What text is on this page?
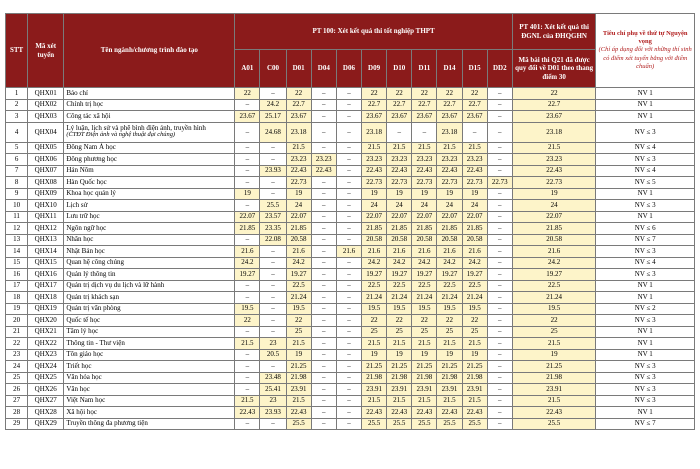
STT	Mã xét tuyển	Tên ngành/chương trình đào tạo	PT 100: Xét kết quả thi tốt nghiệp THPT											PT 401: Xét kết quả thi ĐGNL của ĐHQGHN	Tiêu chí phụ về thứ tự Nguyện vọng
(Chỉ áp dụng đối với những thí sinh có điểm xét tuyển bằng với điểm chuẩn)

			A01	C00	D01	D04	D06	D09	D10	D11	D14	D15	DD2	Mã bài thi Q21 đã được quy đổi về D01 theo thang điểm 30	
1	QHX01	Báo chí	22	–	22	–	–	22	22	22	22	22	–	22	NV 1
2	QHX02	Chính trị học	–	24.2	22.7	–	–	22.7	22.7	22.7	22.7	22.7	–	22.7	NV 1
3	QHX03	Công tác xã hội	23.67	25.17	23.67	–	–	23.67	23.67	23.67	23.67	23.67	–	23.67	NV 1
4	QHX04	Lý luận, lịch sử và phê bình điện ảnh, truyền hình
(CTĐT Điện ảnh và nghệ thuật đại chúng)	–	24.68	23.18	–	–	23.18	–	–	23.18	–	–	23.18	NV ≤ 3
5	QHX05	Đông Nam Á học	–	–	21.5	–	–	21.5	21.5	21.5	21.5	21.5	–	21.5	NV ≤ 4
6	QHX06	Đông phương học	–	–	23.23	23.23	–	23.23	23.23	23.23	23.23	23.23	–	23.23	NV ≤ 3
7	QHX07	Hán Nôm	–	23.93	22.43	22.43	–	22.43	22.43	22.43	22.43	22.43	–	22.43	NV ≤ 4
8	QHX08	Hàn Quốc học	–	–	22.73	–	–	22.73	22.73	22.73	22.73	22.73	22.73	22.73	NV ≤ 5
9	QHX09	Khoa học quản lý	19	–	19	–	–	19	19	19	19	19	–	19	NV 1
10	QHX10	Lịch sử	–	25.5	24	–	–	24	24	24	24	24	–	24	NV ≤ 3
11	QHX11	Lưu trữ học	22.07	23.57	22.07	–	–	22.07	22.07	22.07	22.07	22.07	–	22.07	NV 1
12	QHX12	Ngôn ngữ học	21.85	23.35	21.85	–	–	21.85	21.85	21.85	21.85	21.85	–	21.85	NV ≤ 6
13	QHX13	Nhân học	–	22.08	20.58	–	–	20.58	20.58	20.58	20.58	20.58	–	20.58	NV ≤ 7
14	QHX14	Nhật Bản học	21.6	–	21.6	–	21.6	21.6	21.6	21.6	21.6	21.6	–	21.6	NV ≤ 3
15	QHX15	Quan hệ công chúng	24.2	–	24.2	–	–	24.2	24.2	24.2	24.2	24.2	–	24.2	NV ≤ 4
16	QHX16	Quản lý thông tin	19.27	–	19.27	–	–	19.27	19.27	19.27	19.27	19.27	–	19.27	NV ≤ 3
17	QHX17	Quản trị dịch vụ du lịch và lữ hành	–	–	22.5	–	–	22.5	22.5	22.5	22.5	22.5	–	22.5	NV 1
18	QHX18	Quản trị khách sạn	–	–	21.24	–	–	21.24	21.24	21.24	21.24	21.24	–	21.24	NV 1
19	QHX19	Quản trị văn phòng	19.5	–	19.5	–	–	19.5	19.5	19.5	19.5	19.5	–	19.5	NV ≤ 2
20	QHX20	Quốc tế học	22	–	22	–	–	22	22	22	22	22	–	22	NV ≤ 3
21	QHX21	Tâm lý học	–	–	25	–	–	25	25	25	25	25	–	25	NV 1
22	QHX22	Thông tin - Thư viện	21.5	23	21.5	–	–	21.5	21.5	21.5	21.5	21.5	–	21.5	NV 1
23	QHX23	Tôn giáo học	–	20.5	19	–	–	19	19	19	19	19	–	19	NV 1
24	QHX24	Triết học	–	–	21.25	–	–	21.25	21.25	21.25	21.25	21.25	–	21.25	NV ≤ 3
25	QHX25	Văn hóa học	–	23.48	21.98	–	–	21.98	21.98	21.98	21.98	21.98	–	21.98	NV ≤ 3
26	QHX26	Văn học	–	25.41	23.91	–	–	23.91	23.91	23.91	23.91	23.91	–	23.91	NV ≤ 3
27	QHX27	Việt Nam học	21.5	23	21.5	–	–	21.5	21.5	21.5	21.5	21.5	–	21.5	NV ≤ 3
28	QHX28	Xã hội học	22.43	23.93	22.43	–	–	22.43	22.43	22.43	22.43	22.43	–	22.43	NV 1
29	QHX29	Truyền thông đa phương tiện	–	–	25.5	–	–	25.5	25.5	25.5	25.5	25.5	–	25.5	NV ≤ 7
